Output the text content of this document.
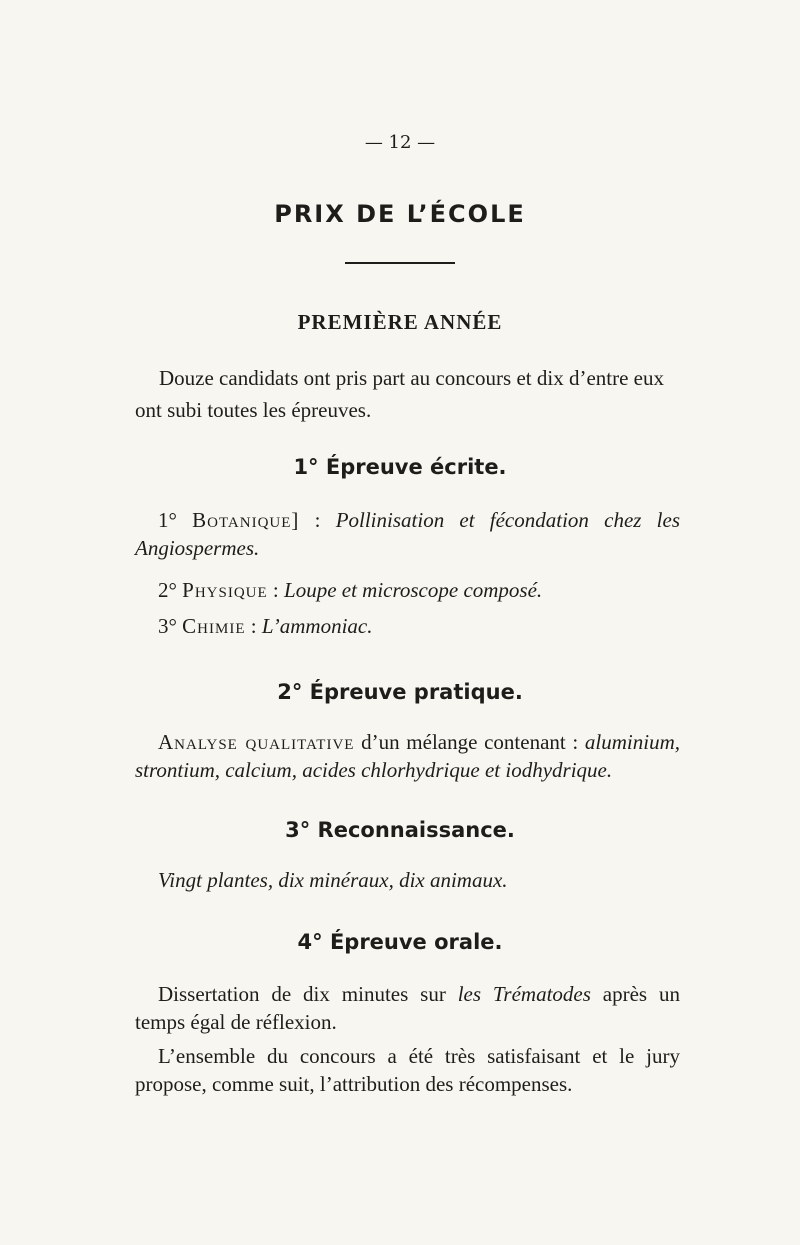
— 12 —

PRIX DE L’ÉCOLE
PREMIÈRE ANNÉE

Douze candidats ont pris part au concours et dix d’entre eux ont subi toutes les épreuves.

1° Épreuve écrite.

1° Botanique] : Pollinisation et fécondation chez les

Angiospermes.

2° Physique : Loupe et microscope composé.

3° Chimie : L’ammoniac.

2° Épreuve pratique.

Analyse qualitative d’un mélange contenant : aluminium,

strontium, calcium, acides chlorhydrique et iodhydrique.

3° Reconnaissance.

Vingt plantes, dix minéraux, dix animaux.

4° Épreuve orale.

Dissertation de dix minutes sur les Trématodes après un

temps égal de réflexion.

L’ensemble du concours a été très satisfaisant et le jury

propose, comme suit, l’attribution des récompenses.
